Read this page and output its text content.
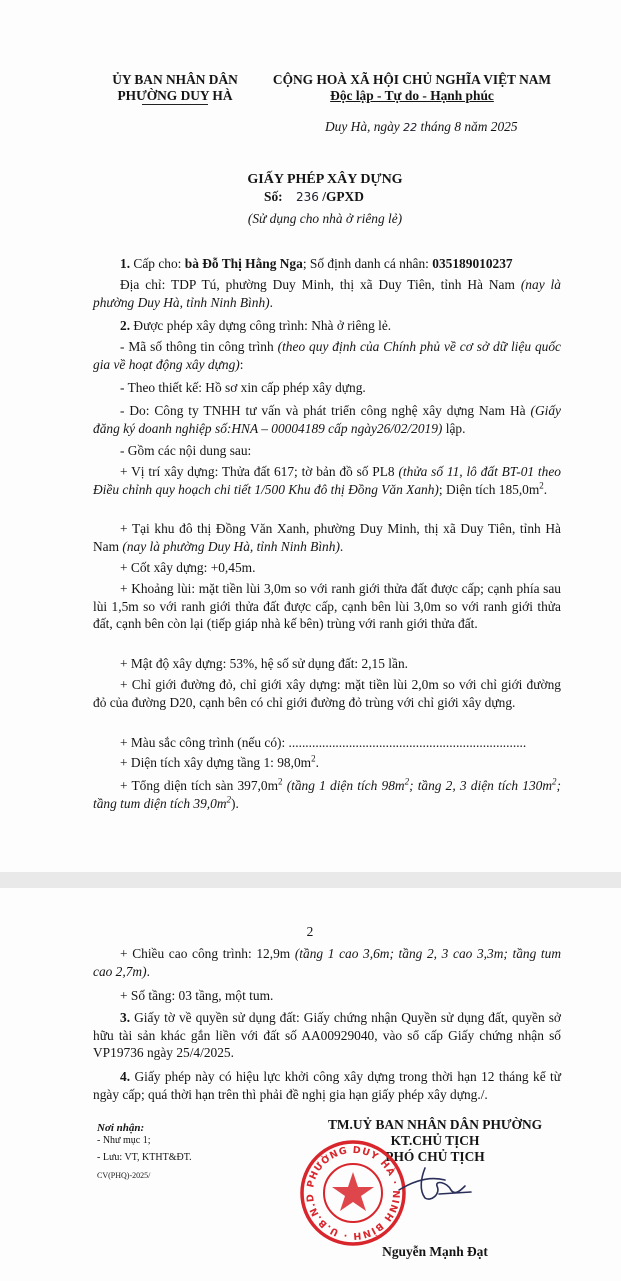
ỦY BAN NHÂN DÂN
PHƯỜNG DUY HÀ
CỘNG HOÀ XÃ HỘI CHỦ NGHĨA VIỆT NAM
Độc lập - Tự do - Hạnh phúc
Duy Hà, ngày 22 tháng 8 năm 2025
GIẤY PHÉP XÂY DỰNG
Số: 236 /GPXD
(Sử dụng cho nhà ở riêng lẻ)
1. Cấp cho: bà Đỗ Thị Hằng Nga; Số định danh cá nhân: 035189010237

Địa chỉ: TDP Tú, phường Duy Minh, thị xã Duy Tiên, tỉnh Hà Nam (nay là phường Duy Hà, tỉnh Ninh Bình).

2. Được phép xây dựng công trình: Nhà ở riêng lẻ.

- Mã số thông tin công trình (theo quy định của Chính phủ về cơ sở dữ liệu quốc gia về hoạt động xây dựng):

- Theo thiết kế: Hồ sơ xin cấp phép xây dựng.

- Do: Công ty TNHH tư vấn và phát triển công nghệ xây dựng Nam Hà (Giấy đăng ký doanh nghiệp số:HNA – 00004189 cấp ngày26/02/2019) lập.

- Gồm các nội dung sau:

+ Vị trí xây dựng: Thửa đất 617; tờ bản đồ số PL8 (thửa số 11, lô đất BT-01 theo Điều chỉnh quy hoạch chi tiết 1/500 Khu đô thị Đồng Văn Xanh); Diện tích $185,0m^2$.

+ Tại khu đô thị Đồng Văn Xanh, phường Duy Minh, thị xã Duy Tiên, tỉnh Hà Nam (nay là phường Duy Hà, tỉnh Ninh Bình).

+ Cốt xây dựng: +0,45m.

+ Khoảng lùi: mặt tiền lùi 3,0m so với ranh giới thửa đất được cấp; cạnh phía sau lùi 1,5m so với ranh giới thửa đất được cấp, cạnh bên lùi 3,0m so với ranh giới thửa đất, cạnh bên còn lại (tiếp giáp nhà kế bên) trùng với ranh giới thửa đất.

+ Mật độ xây dựng: 53%, hệ số sử dụng đất: 2,15 lần.

+ Chỉ giới đường đỏ, chỉ giới xây dựng: mặt tiền lùi 2,0m so với chỉ giới đường đỏ của đường D20, cạnh bên có chỉ giới đường đỏ trùng với chỉ giới xây dựng.

+ Màu sắc công trình (nếu có): .......................................................................
+ Diện tích xây dựng tầng 1: $98,0m^2$.

+ Tổng diện tích sàn $397,0m^2$ (tầng 1 diện tích $98m^2$; tầng 2, 3 diện tích $130m^2$; tầng tum diện tích $39,0m^2$).

2

+ Chiều cao công trình: 12,9m (tầng 1 cao 3,6m; tầng 2, 3 cao 3,3m; tầng tum cao 2,7m).

+ Số tầng: 03 tầng, một tum.

3. Giấy tờ về quyền sử dụng đất: Giấy chứng nhận Quyền sử dụng đất, quyền sở hữu tài sản khác gắn liền với đất số AA00929040, vào sổ cấp Giấy chứng nhận số VP19736 ngày 25/4/2025.

4. Giấy phép này có hiệu lực khởi công xây dựng trong thời hạn 12 tháng kể từ ngày cấp; quá thời hạn trên thì phải đề nghị gia hạn giấy phép xây dựng./.

Nơi nhận:
- Như mục 1;
- Lưu: VT, KTHT&ĐT.
CV(PHQ)-2025/
TM.UỶ BAN NHÂN DÂN PHƯỜNG
KT.CHỦ TỊCH
PHÓ CHỦ TỊCH
PHƯỜNG DUY HÀ · NINH BÌNH · U.B.N.D
Nguyễn Mạnh Đạt
